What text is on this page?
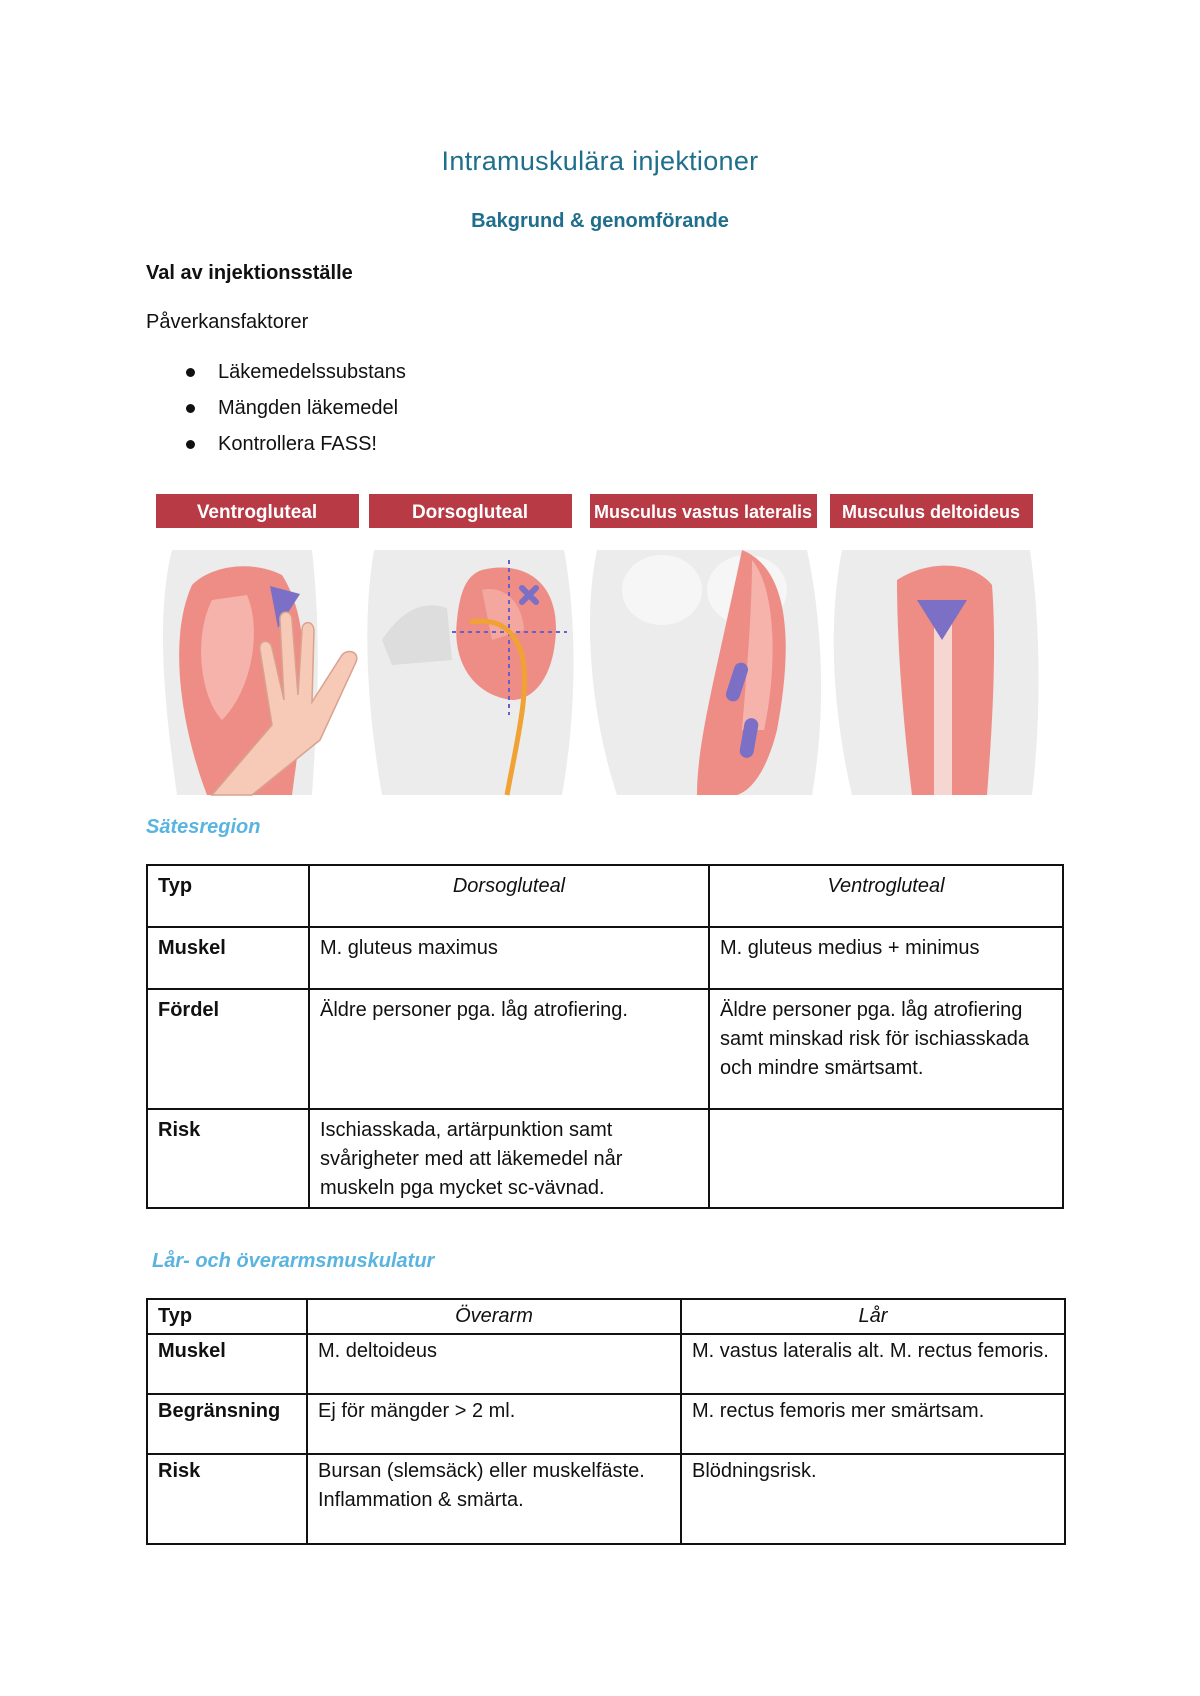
Intramuskulära injektioner
Bakgrund & genomförande

Val av injektionsställe

Påverkansfaktorer

Läkemedelssubstans
Mängden läkemedel
Kontrollera FASS!
Ventrogluteal	Dorsogluteal	Musculus vastus lateralis Musculus deltoideus

Sätesregion

Typ	Dorsogluteal	Ventrogluteal
Muskel	M. gluteus maximus	M. gluteus medius + minimus
Fördel	Äldre personer pga. låg atrofiering.	Äldre personer pga. låg atrofiering samt minskad risk för ischiasskada och mindre smärtsamt.
Risk	Ischiasskada, artärpunktion samt svårigheter med att läkemedel når muskeln pga mycket sc-vävnad.	

Lår- och överarmsmuskulatur

Typ	Överarm	Lår
Muskel	M. deltoideus	M. vastus lateralis alt. M. rectus femoris.
Begränsning	Ej för mängder > 2 ml.	M. rectus femoris mer smärtsam.
Risk	Bursan (slemsäck) eller muskelfäste. Inflammation & smärta.	Blödningsrisk.
